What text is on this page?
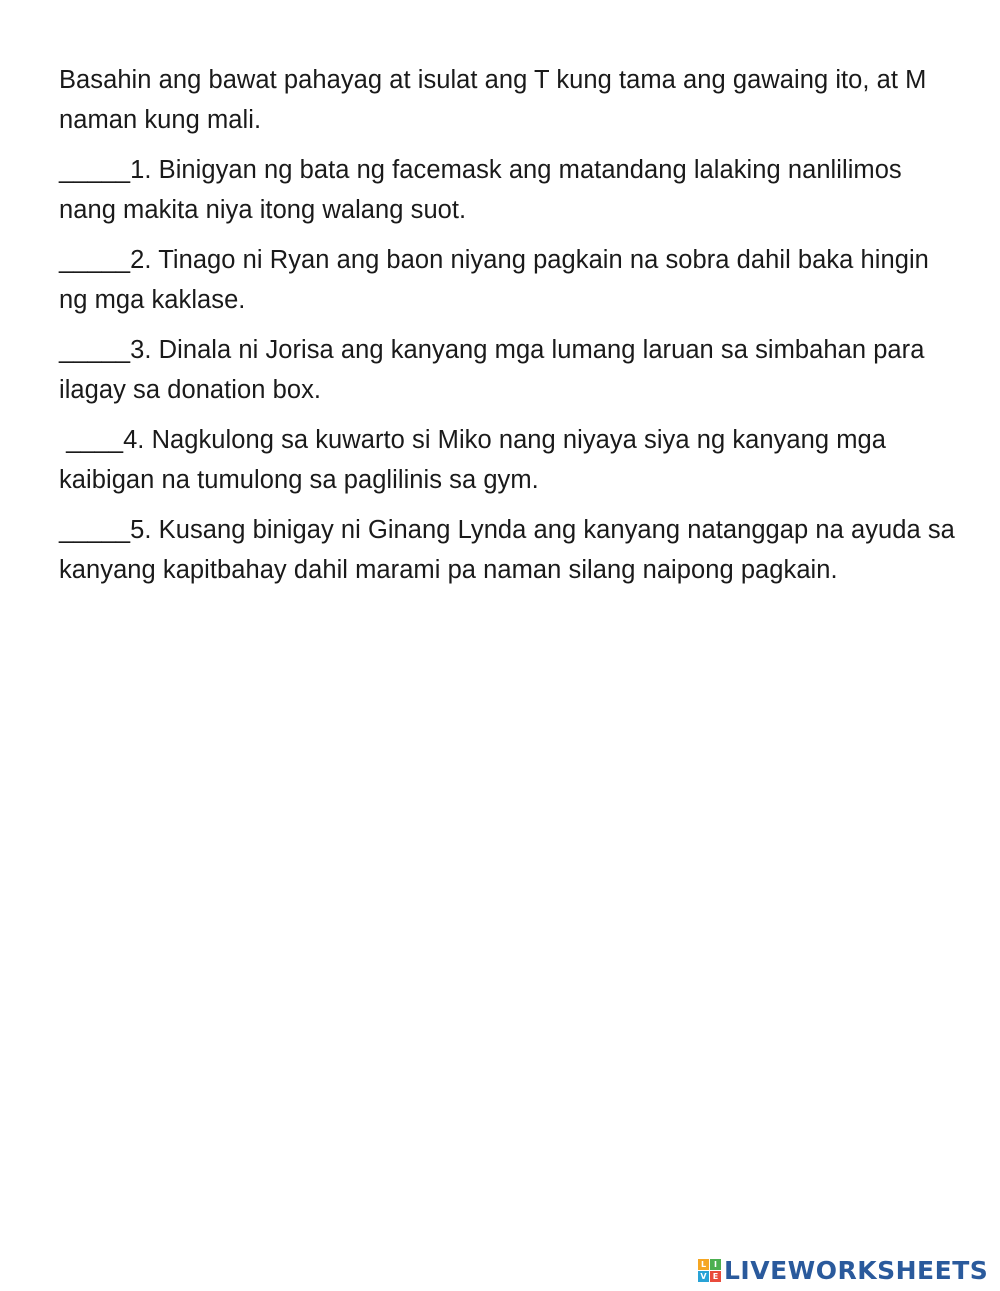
Basahin ang bawat pahayag at isulat ang T kung tama ang gawaing ito, at M naman kung mali.

_____1. Binigyan ng bata ng facemask ang matandang lalaking nanlilimos nang makita niya itong walang suot.

_____2. Tinago ni Ryan ang baon niyang pagkain na sobra dahil baka hingin ng mga kaklase.

_____3. Dinala ni Jorisa ang kanyang mga lumang laruan sa simbahan para ilagay sa donation box.

____4. Nagkulong sa kuwarto si Miko nang niyaya siya ng kanyang mga kaibigan na tumulong sa paglilinis sa gym.

_____5. Kusang binigay ni Ginang Lynda ang kanyang natanggap na ayuda sa kanyang kapitbahay dahil marami pa naman silang naipong pagkain.

L I
V E LIVEWORKSHEETS
